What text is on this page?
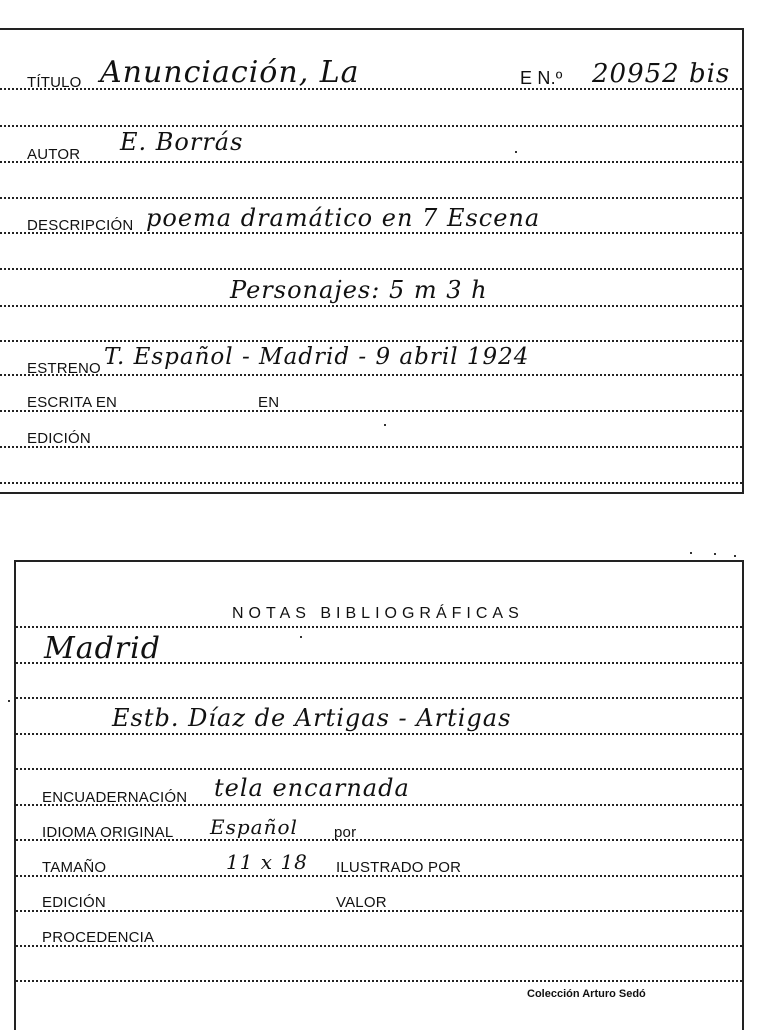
TÍTULO Anunciación, La	E N.º 20952 bis
AUTOR E. Borrás
DESCRIPCIÓN poema dramático en 7 Escena
Personajes: 5 m 3 h
ESTRENO T. Español - Madrid - 9 abril 1924
ESCRITA EN	EN
EDICIÓN
NOTAS BIBLIOGRÁFICAS
Madrid
Estb. Díaz de Artigas - Artigas
ENCUADERNACIÓN tela encarnada
IDIOMA ORIGINAL Español por
TAMAÑO	11 x 18 ILUSTRADO POR
EDICIÓN	VALOR
PROCEDENCIA
Colección Arturo Sedó
